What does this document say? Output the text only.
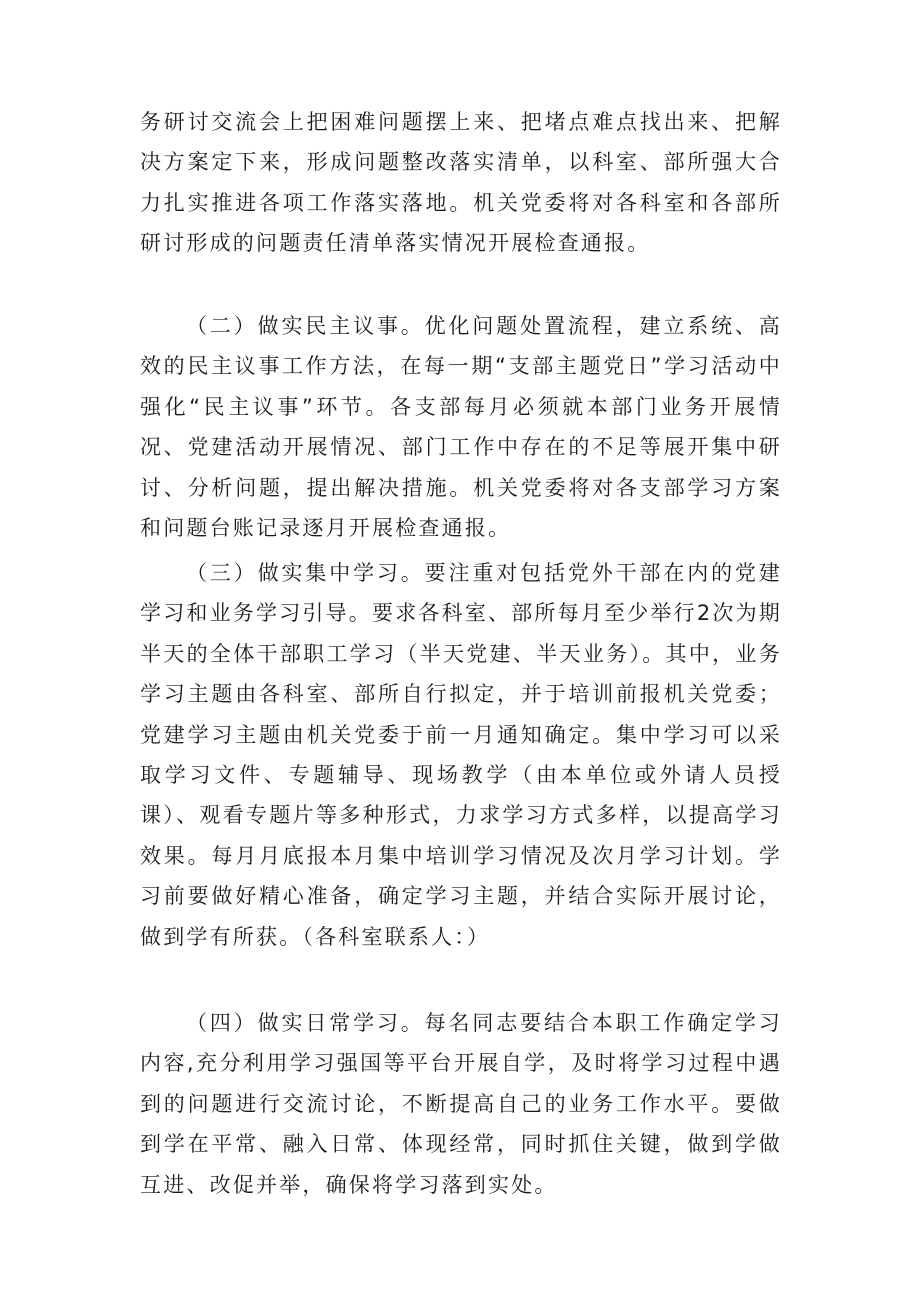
务研讨交流会上把困难问题摆上来、把堵点难点找出来、把解决方案定下来，形成问题整改落实清单，以科室、部所强大合力扎实推进各项工作落实落地。机关党委将对各科室和各部所研讨形成的问题责任清单落实情况开展检查通报。

（二）做实民主议事。优化问题处置流程，建立系统、高效的民主议事工作方法，在每一期“支部主题党日”学习活动中强化“民主议事”环节。各支部每月必须就本部门业务开展情况、党建活动开展情况、部门工作中存在的不足等展开集中研讨、分析问题，提出解决措施。机关党委将对各支部学习方案和问题台账记录逐月开展检查通报。

（三）做实集中学习。要注重对包括党外干部在内的党建学习和业务学习引导。要求各科室、部所每月至少举行2次为期半天的全体干部职工学习（半天党建、半天业务）。其中，业务学习主题由各科室、部所自行拟定，并于培训前报机关党委；党建学习主题由机关党委于前一月通知确定。集中学习可以采取学习文件、专题辅导、现场教学（由本单位或外请人员授课）、观看专题片等多种形式，力求学习方式多样，以提高学习效果。每月月底报本月集中培训学习情况及次月学习计划。学习前要做好精心准备，确定学习主题，并结合实际开展讨论，做到学有所获。（各科室联系人：）

（四）做实日常学习。每名同志要结合本职工作确定学习内容,充分利用学习强国等平台开展自学，及时将学习过程中遇到的问题进行交流讨论，不断提高自己的业务工作水平。要做到学在平常、融入日常、体现经常，同时抓住关键，做到学做互进、改促并举，确保将学习落到实处。
